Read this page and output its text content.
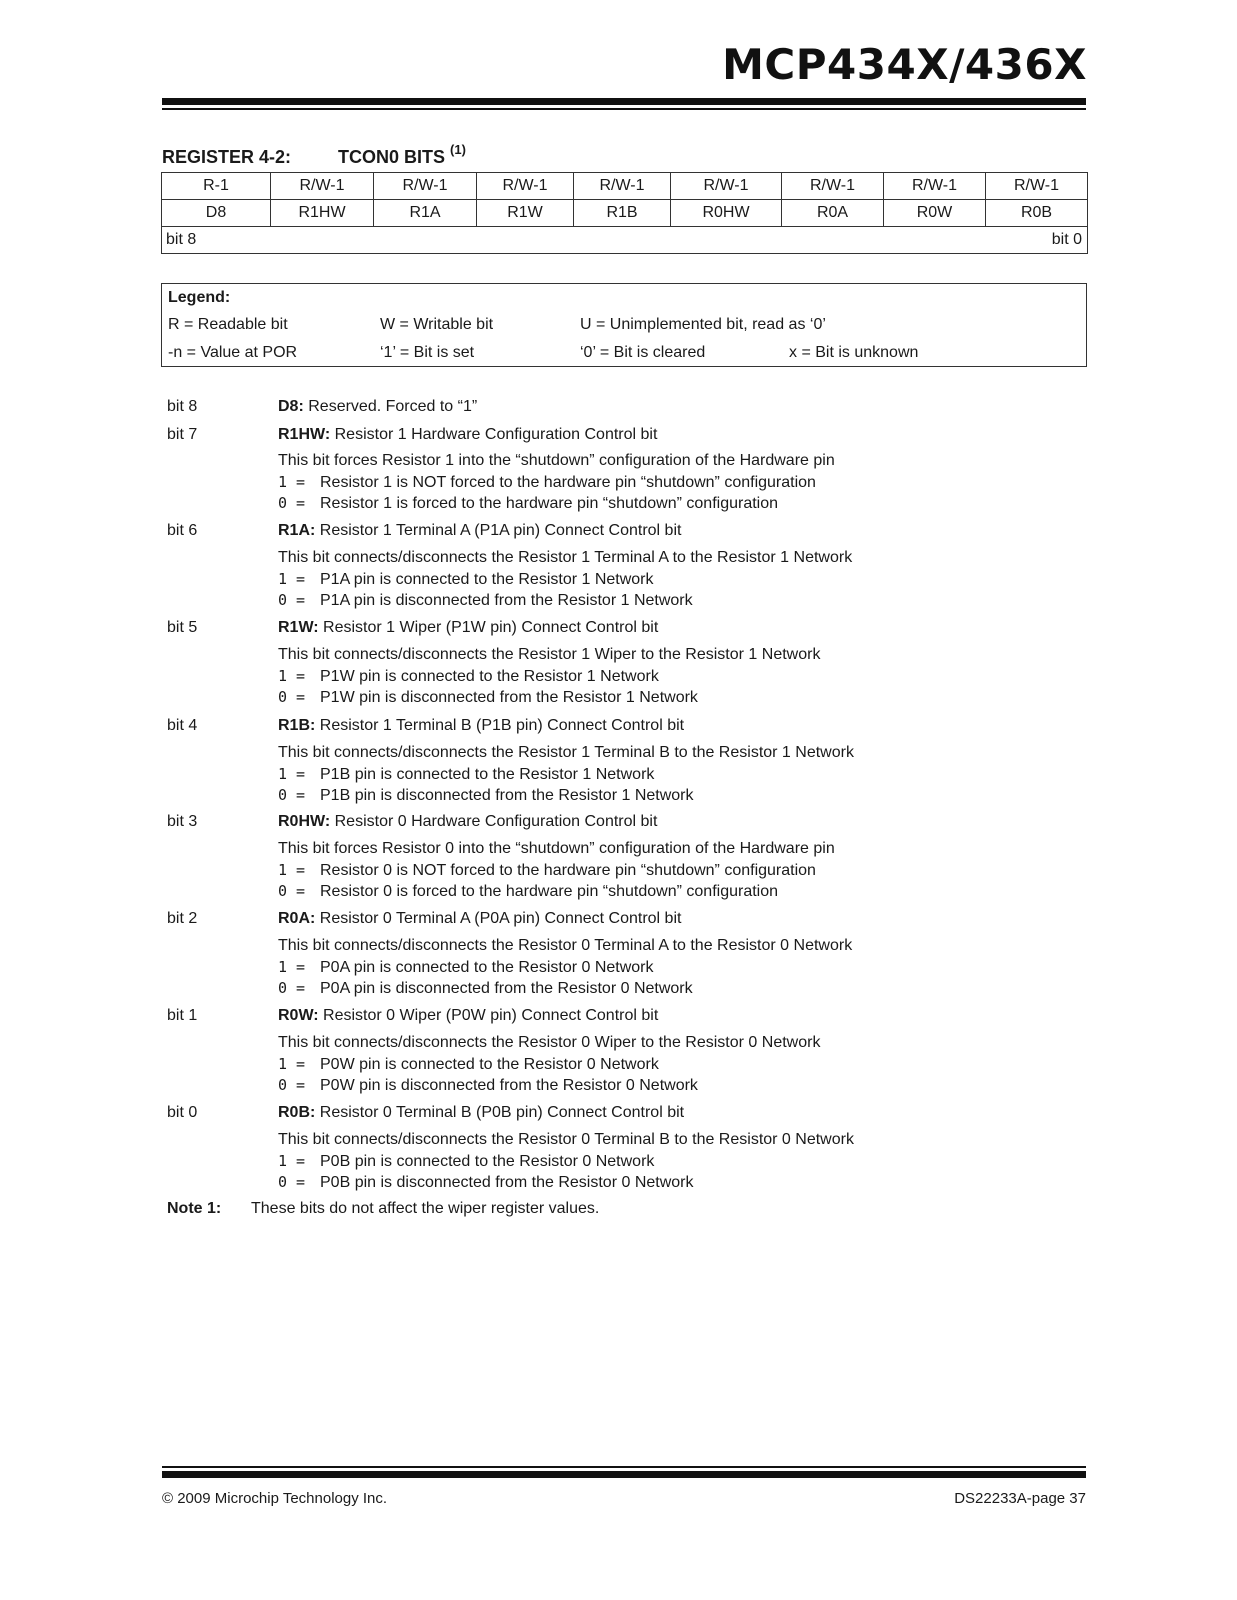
MCP434X/436X
REGISTER 4-2:	TCON0 BITS $^{(1)}$
R-1	R/W-1	R/W-1	R/W-1	R/W-1	R/W-1	R/W-1	R/W-1	R/W-1
D8	R1HW	R1A	R1W	R1B	R0HW	R0A	R0W	R0B
bit 8				bit 0				
Legend:
R = Readable bit	W = Writable bit	U = Unimplemented bit, read as ‘0’
-n = Value at POR	‘1’ = Bit is set	‘0’ = Bit is cleared	x = Bit is unknown
bit 8	D8: Reserved. Forced to “1”
bit 7	R1HW: Resistor 1 Hardware Configuration Control bit
This bit forces Resistor 1 into the “shutdown” configuration of the Hardware pin
1 = Resistor 1 is NOT forced to the hardware pin “shutdown” configuration
0 = Resistor 1 is forced to the hardware pin “shutdown” configuration
bit 6	R1A: Resistor 1 Terminal A (P1A pin) Connect Control bit
This bit connects/disconnects the Resistor 1 Terminal A to the Resistor 1 Network
1 = P1A pin is connected to the Resistor 1 Network
0 = P1A pin is disconnected from the Resistor 1 Network
bit 5	R1W: Resistor 1 Wiper (P1W pin) Connect Control bit
This bit connects/disconnects the Resistor 1 Wiper to the Resistor 1 Network
1 = P1W pin is connected to the Resistor 1 Network
0 = P1W pin is disconnected from the Resistor 1 Network
bit 4	R1B: Resistor 1 Terminal B (P1B pin) Connect Control bit
This bit connects/disconnects the Resistor 1 Terminal B to the Resistor 1 Network
1 = P1B pin is connected to the Resistor 1 Network
0 = P1B pin is disconnected from the Resistor 1 Network
bit 3	R0HW: Resistor 0 Hardware Configuration Control bit
This bit forces Resistor 0 into the “shutdown” configuration of the Hardware pin
1 = Resistor 0 is NOT forced to the hardware pin “shutdown” configuration
0 = Resistor 0 is forced to the hardware pin “shutdown” configuration
bit 2	R0A: Resistor 0 Terminal A (P0A pin) Connect Control bit
This bit connects/disconnects the Resistor 0 Terminal A to the Resistor 0 Network
1 = P0A pin is connected to the Resistor 0 Network
0 = P0A pin is disconnected from the Resistor 0 Network
bit 1	R0W: Resistor 0 Wiper (P0W pin) Connect Control bit
This bit connects/disconnects the Resistor 0 Wiper to the Resistor 0 Network
1 = P0W pin is connected to the Resistor 0 Network
0 = P0W pin is disconnected from the Resistor 0 Network
bit 0	R0B: Resistor 0 Terminal B (P0B pin) Connect Control bit
This bit connects/disconnects the Resistor 0 Terminal B to the Resistor 0 Network
1 = P0B pin is connected to the Resistor 0 Network
0 = P0B pin is disconnected from the Resistor 0 Network
Note 1: These bits do not affect the wiper register values.
© 2009 Microchip Technology Inc.	DS22233A-page 37
